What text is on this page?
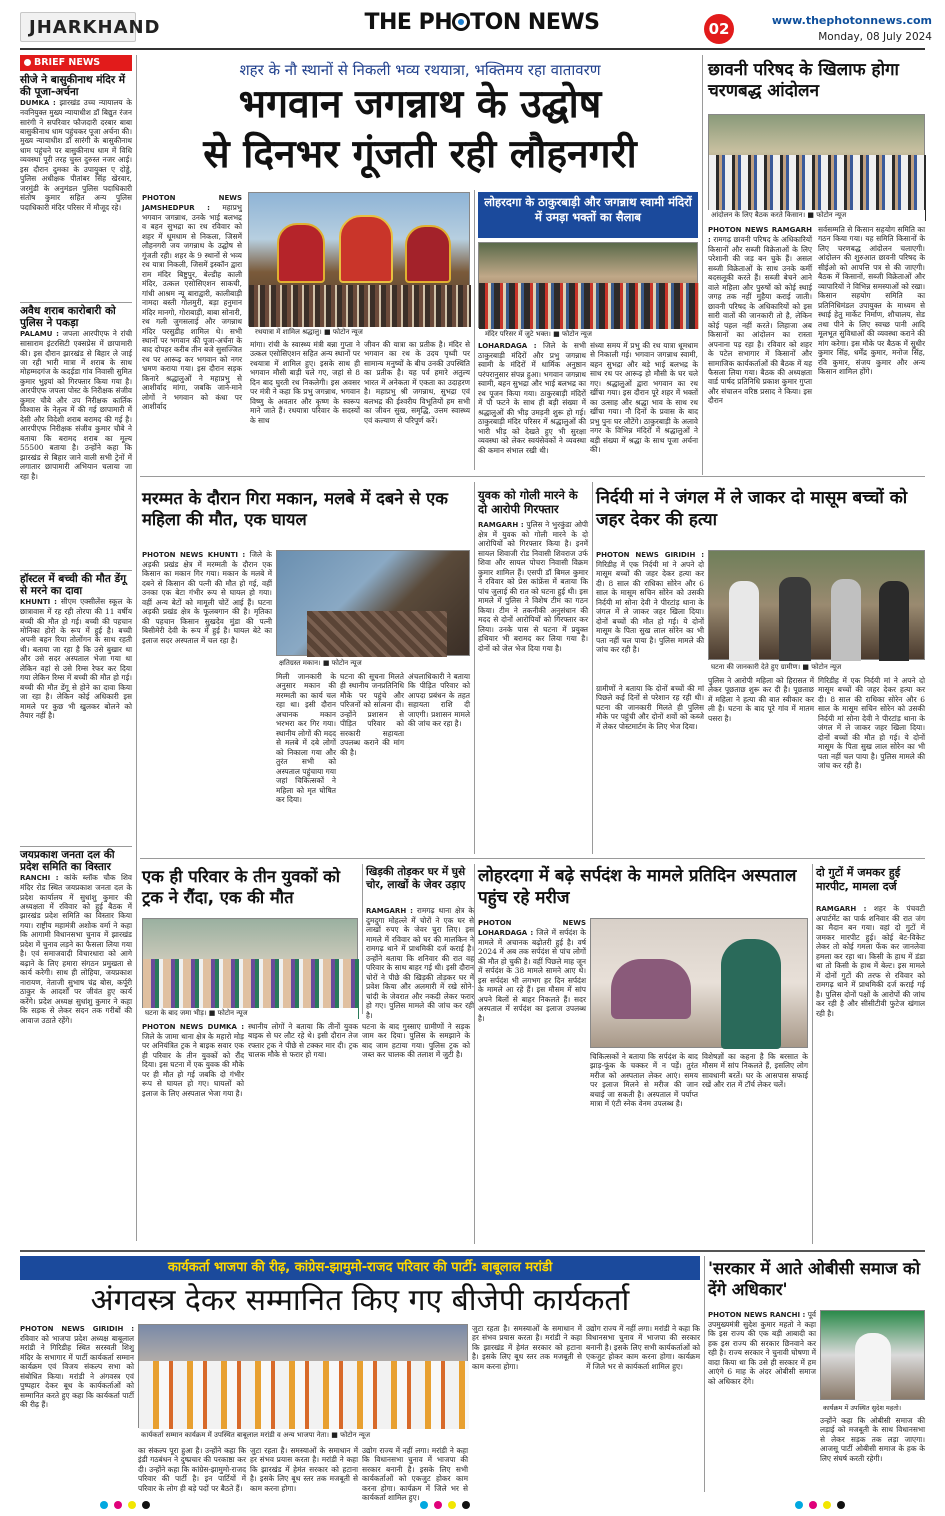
JHARKHAND	THE PH TON NEWS	02	www.thephotonnews.com
Monday, 08 July 2024
BRIEF NEWS
सीजे ने बासुकीनाथ मंदिर में की पूजा-अर्चना
DUMKA : झारखंड उच्च न्यायालय के नवनियुक्त मुख्य न्यायाधीश डॉ बिद्युत रंजन सारंगी ने सपरिवार फौजदारी दरबार बाबा बासुकीनाथ धाम पहुंचकर पूजा अर्चना की। मुख्य न्यायाधीश डॉ सारंगी के बासुकीनाथ धाम पहुंचने पर बासुकीनाथ धाम में विधि व्यवस्था पूरी तरह चुस्त दुरुस्त नजर आई। इस दौरान दुमका के उपायुक्त ए दोड्डे, पुलिस अधीक्षक पीतांबर सिंह खेरवार, जरमुंडी के अनुमंडल पुलिस पदाधिकारी संतोष कुमार सहित अन्य पुलिस पदाधिकारी मंदिर परिसर में मौजूद रहे।
अवैध शराब कारोबारी को पुलिस ने पकड़ा
PALAMU : जपला आरपीएफ ने रांची सासाराम इंटरसिटी एक्सप्रेस में छापामारी की। इस दौरान झारखंड से बिहार ले जाई जा रही भारी मात्रा में शराब के साथ मोहम्मदगंज के कदईडा गांव निवासी सुमित कुमार भुइयां को गिरफ्तार किया गया है। आरपीएफ जपला पोस्ट के निरीक्षक संजीव कुमार चौबे और उप निरीक्षक कार्तिक विश्वास के नेतृत्व में की गई छापामारी में देसी और विदेशी शराब बरामद की गई है। आरपीएफ निरीक्षक संजीव कुमार चौबे ने बताया कि बरामद शराब का मूल्य 55500 बताया है। उन्होंने कहा कि झारखंड से बिहार जाने वाली सभी ट्रेनों में लगातार छापामारी अभियान चलाया जा रहा है।
हॉस्टल में बच्ची की मौत डेंगू से मरने का दावा
KHUNTI : सीएम एक्सीलेंस स्कूल के छात्रावास में रह रही तोरपा की 11 वर्षीय बच्ची की मौत हो गई। बच्ची की पहचान मोनिका होरो के रूप में हुई है। बच्ची अपनी बहन रिया तोलोंगन के साथ रहती थी। बताया जा रहा है कि उसे बुखार था और उसे सदर अस्पताल भेजा गया था लेकिन वहां से उसे रिम्स रेफर कर दिया गया लेकिन रिम्स में बच्ची की मौत हो गई। बच्ची की मौत डेंगू से होने का दावा किया जा रहा है। लेकिन कोई अधिकारी इस मामले पर कुछ भी खुलकर बोलने को तैयार नहीं है।
जयप्रकाश जनता दल की प्रदेश समिति का विस्तार
RANCHI : कांके ब्लॉक चौक शिव मंदिर रोड स्थित जयप्रकाश जनता दल के प्रदेश कार्यालय में सुधांशु कुमार की अध्यक्षता में रविवार को हुई बैठक में झारखंड प्रदेश समिति का विस्तार किया गया। राष्ट्रीय महामंत्री अशोक वर्मा ने कहा कि आगामी विधानसभा चुनाव में झारखंड प्रदेश में चुनाव लड़ने का फैसला लिया गया है। एवं समाजवादी विचारधारा को आगे बढ़ाने के लिए हमारा संगठन प्रमुखता से कार्य करेगी। साथ ही लोहिया, जयप्रकाश नारायण, नेताजी सुभाष चंद्र बोस, कर्पूरी ठाकुर के आदर्शों पर जीवंत हुए कार्य करेंगे। प्रदेश अध्यक्ष सुधांशु कुमार ने कहा कि सड़क से लेकर सदन तक गरीबों की आवाज उठाते रहेंगे।
शहर के नौ स्थानों से निकली भव्य रथयात्रा, भक्तिमय रहा वातावरण
भगवान जगन्नाथ के उद्घोष
से दिनभर गूंजती रही लौहनगरी
रथयात्रा में शामिल श्रद्धालु। ■ फोटोन न्यूज
PHOTON NEWS JAMSHEDPUR : महाप्रभु भगवान जगन्नाथ, उनके भाई बलभद्र व बहन सुभद्रा का रथ रविवार को शहर में धूमधाम से निकला, जिसमें लौहनगरी जय जगन्नाथ के उद्घोष से गूंजती रही। शहर के 9 स्थानों से भव्य रथ यात्रा निकली, जिसमें इस्कॉन द्वारा राम मंदिर बिष्टुपुर, बेल्डीह काली मंदिर, उत्कल एसोसिएशन साकची, गांधी आश्रम न्यू बाराद्वारी, कालीबाड़ी नामदा बस्ती गोलमुरी, बड़ा हनुमान मंदिर मानगो, गोराबाड़ी, बाबा सोनारी, रथ गली जुगसलाई और जगन्नाथ मंदिर परसुडीह शामिल थे। सभी स्थानों पर भगवान की पूजा-अर्चना के बाद दोपहर करीब तीन बजे सुसज्जित रथ पर आरूढ़ कर भगवान को नगर भ्रमण कराया गया। इस दौरान सड़क किनारे श्रद्धालुओं ने महाप्रभु से आशीर्वाद मांगा, जबकि जाने-माने लोगों ने भगवान को कंधा पर आशीर्वाद
मांगा। रांची के स्वास्थ्य मंत्री बन्ना गुप्ता ने उत्कल एसोसिएशन सहित अन्य स्थानों पर रथयात्रा में शामिल हुए। इसके साथ ही भगवान मौसी बाड़ी चले गए, जहां से 8 दिन बाद घुरती रथ निकलेगी। इस अवसर पर मंत्री ने कहा कि प्रभु जगन्नाथ, भगवान विष्णु के अवतार और कृष्ण के स्वरूप माने जाते हैं। रथयात्रा परिवार के सदस्यों के साथ
जीवन की यात्रा का प्रतीक है। मंदिर से भगवान का रथ के उदय पृथ्वी पर सामान्य मनुष्यों के बीच उनकी उपस्थिति का प्रतीक है। यह पर्व हमारे अतुल्य भारत में अनेकता में एकता का उदाहरण है। महाप्रभु श्री जगन्नाथ, सुभद्रा एवं बलभद्र की ईश्वरीय विभूतियों हम सभी का जीवन सुख, समृद्धि, उत्तम स्वास्थ्य एवं कल्याण से परिपूर्ण करें।
लोहरदगा के ठाकुरबाड़ी और जगन्नाथ स्वामी मंदिरों में उमड़ा भक्तों का सैलाब
मंदिर परिसर में जुटे भक्त। ■ फोटोन न्यूज
LOHARDAGA : जिले के सभी ठाकुरबाड़ी मंदिरों और प्रभु जगन्नाथ स्वामी के मंदिरों में धार्मिक अनुष्ठान परंपरानुसार संपन्न हुआ। भगवान जगन्नाथ स्वामी, बहन सुभद्रा और भाई बलभद्र का रथ पूजन किया गया। ठाकुरबाड़ी मंदिरों में पौ फटने के साथ ही बड़ी संख्या में श्रद्धालुओं की भीड़ उमड़नी शुरू हो गई। ठाकुरबाड़ी मंदिर परिसर में श्रद्धालुओं की भारी भीड़ को देखते हुए भी सुरक्षा व्यवस्था को लेकर स्वयंसेवकों ने व्यवस्था की कमान संभाल रखी थी।
संध्या समय में प्रभु की रथ यात्रा धूमधाम से निकाली गई। भगवान जगन्नाथ स्वामी, बहन सुभद्रा और बड़े भाई बलभद्र के साथ रथ पर आरूढ़ हो मौसी के घर चले गए। श्रद्धालुओं द्वारा भगवान का रथ खींचा गया। इस दौरान पूरे शहर में भक्तों का उत्साह और श्रद्धा भाव के साथ रथ खींचा गया। नौ दिनों के प्रवास के बाद प्रभु पुनः घर लौटेंगे। ठाकुरबाड़ी के अलावे नगर के विभिन्न मंदिरों में श्रद्धालुओं ने बड़ी संख्या में श्रद्धा के साथ पूजा अर्चना की।
छावनी परिषद के खिलाफ होगा चरणबद्ध आंदोलन
आंदोलन के लिए बैठक करते किसान। ■ फोटोन न्यूज
PHOTON NEWS RAMGARH : रामगढ़ छावनी परिषद के अधिकारियों किसानों और सब्जी विक्रेताओं के लिए परेशानी की जड़ बन चुके हैं। असल सब्जी विक्रेताओं के साथ उनके कर्मी बदसलूकी करते हैं। सब्जी बेचने आने वाले महिला और पुरुषों को कोई स्थाई जगह तक नहीं मुहैया कराई जाती। छावनी परिषद के अधिकारियों को इस सारी वातों की जानकारी तो है, लेकिन कोई पहल नहीं करते। लिहाजा अब किसानों का आंदोलन का रास्ता अपनाना पड़ रहा है। रविवार को शहर के पटेल सभागार में किसानों और सामाजिक कार्यकर्ताओं की बैठक में यह फैसला लिया गया। बैठक की अध्यक्षता वार्ड पार्षद प्रतिनिधि प्रकाश कुमार गुप्ता और संचालन वरिष्ठ प्रसाद ने किया। इस दौरान
सर्वसम्मति से किसान सहयोग समिति का गठन किया गया। यह समिति किसानों के लिए चरणबद्ध आंदोलन चलाएगी। आंदोलन की शुरुआत छावनी परिषद के सीईओ को आपत्ति पत्र से की जाएगी। बैठक में किसानों, सब्जी विक्रेताओं और व्यापारियों ने विभिन्न समस्याओं को रखा। किसान सहयोग समिति का प्रतिनिधिमंडल उपायुक्त के माध्यम से स्थाई हेतु मार्केट निर्माण, शौचालय, सेड तथा पीने के लिए स्वच्छ पानी आदि मूलभूत सुविधाओं की व्यवस्था कराने की मांग करेगा। इस मौके पर बैठक में सुधीर कुमार सिंह, धर्मेंद्र कुमार, मनोज सिंह, रवि कुमार, संजय कुमार और अन्य किसान शामिल होंगे।
मरम्मत के दौरान गिरा मकान, मलबे में दबने से एक महिला की मौत, एक घायल
PHOTON NEWS KHUNTI : जिले के अड़की प्रखंड क्षेत्र में मरम्मती के दौरान एक किसान का मकान गिर गया। मकान के मलबे में दबने से किसान की पत्नी की मौत हो गई, वहीं उनका एक बेटा गंभीर रूप से घायल हो गया। वहीं अन्य बेटों को मामूली चोटें आई हैं। घटना अड़की प्रखंड क्षेत्र के फूलबगान की है। मृतिका की पहचान किसान सुखदेव मुंडा की पत्नी बिसीमेरी देवी के रूप में हुई है। घायल बेटे का इलाज सदर अस्पताल में चल रहा है।
क्षतिग्रस्त मकान। ■ फोटोन न्यूज
मिली जानकारी के अनुसार मकान की मरम्मती का कार्य चल रहा था। इसी दौरान अचानक मकान भरभरा कर गिर गया। स्थानीय लोगों की मदद से मलबे में दबे लोगों को निकाला गया और तुरंत सभी को अस्पताल पहुंचाया गया जहां चिकित्सकों ने महिला को मृत घोषित कर दिया।
घटना की सूचना मिलते ही स्थानीय जनप्रतिनिधि मौके पर पहुंचे और परिजनों को सांत्वना दी। उन्होंने प्रशासन से पीड़ित परिवार को सरकारी सहायता उपलब्ध कराने की मांग की है।
अंचलाधिकारी ने बताया कि पीड़ित परिवार को आपदा प्रबंधन के तहत सहायता राशि दी जाएगी। प्रशासन मामले की जांच कर रहा है।
युवक को गोली मारने के दो आरोपी गिरफ्तार
RAMGARH : पुलिस ने भुरकुंडा ओपी क्षेत्र में युवक को गोली मारने के दो आरोपियों को गिरफ्तार किया है। इनमें सायल शिवाजी रोड निवासी शिवराज उर्फ शिवा और सायल पोचरा निवासी विक्रम कुमार शामिल हैं। एसपी डॉ बिमल कुमार ने रविवार को प्रेस कांफ्रेंस में बताया कि पांच जुलाई की रात को घटना हुई थी। इस मामले में पुलिस ने विशेष टीम का गठन किया। टीम ने तकनीकी अनुसंधान की मदद से दोनों आरोपियों को गिरफ्तार कर लिया। उनके पास से घटना में प्रयुक्त हथियार भी बरामद कर लिया गया है। दोनों को जेल भेज दिया गया है।
निर्दयी मां ने जंगल में ले जाकर दो मासूम बच्चों को जहर देकर की हत्या
PHOTON NEWS GIRIDIH : गिरिडीह में एक निर्दयी मां ने अपने दो मासूम बच्चों की जहर देकर हत्या कर दी। 8 साल की राधिका सोरेन और 6 साल के मासूम सचिन सोरेन को उसकी निर्दयी मां सोना देवी ने पीरटांड़ थाना के जंगल में ले जाकर जहर खिला दिया। दोनों बच्चों की मौत हो गई। ये दोनों मासूम के पिता सुख लाल सोरेन का भी पता नहीं चल पाया है। पुलिस मामले की जांच कर रही है।
घटना की जानकारी देते हुए ग्रामीण। ■ फोटोन न्यूज
ग्रामीणों ने बताया कि दोनों बच्चों की मां पिछले कई दिनों से परेशान रह रही थी। घटना की जानकारी मिलते ही पुलिस मौके पर पहुंची और दोनों शवों को कब्जे में लेकर पोस्टमार्टम के लिए भेज दिया।
पुलिस ने आरोपी महिला को हिरासत में लेकर पूछताछ शुरू कर दी है। पूछताछ में महिला ने हत्या की बात स्वीकार कर ली है। घटना के बाद पूरे गांव में मातम पसरा है।
गिरिडीह में एक निर्दयी मां ने अपने दो मासूम बच्चों की जहर देकर हत्या कर दी। 8 साल की राधिका सोरेन और 6 साल के मासूम सचिन सोरेन को उसकी निर्दयी मां सोना देवी ने पीरटांड़ थाना के जंगल में ले जाकर जहर खिला दिया। दोनों बच्चों की मौत हो गई। ये दोनों मासूम के पिता सुख लाल सोरेन का भी पता नहीं चल पाया है। पुलिस मामले की जांच कर रही है।
एक ही परिवार के तीन युवकों को ट्रक ने रौंदा, एक की मौत
घटना के बाद जमा भीड़। ■ फोटोन न्यूज
PHOTON NEWS DUMKA : जिले के जामा थाना क्षेत्र के महारो मोड़ पर अनियंत्रित ट्रक ने बाइक सवार एक ही परिवार के तीन युवकों को रौंद दिया। इस घटना में एक युवक की मौके पर ही मौत हो गई जबकि दो गंभीर रूप से घायल हो गए। घायलों को इलाज के लिए अस्पताल भेजा गया है।
स्थानीय लोगों ने बताया कि तीनों युवक बाइक से घर लौट रहे थे। इसी दौरान तेज रफ्तार ट्रक ने पीछे से टक्कर मार दी। ट्रक चालक मौके से फरार हो गया।
घटना के बाद गुस्साए ग्रामीणों ने सड़क जाम कर दिया। पुलिस के समझाने के बाद जाम हटाया गया। पुलिस ट्रक को जब्त कर चालक की तलाश में जुटी है।
खिड़की तोड़कर घर में घुसे चोर, लाखों के जेवर उड़ाए
RAMGARH : रामगढ़ थाना क्षेत्र के दुमदुगा मोहल्ले में चोरों ने एक घर से लाखों रुपए के जेवर चुरा लिए। इस मामले में रविवार को घर की मालकिन ने रामगढ़ थाने में प्राथमिकी दर्ज कराई है। उन्होंने बताया कि शनिवार की रात वह परिवार के साथ बाहर गई थी। इसी दौरान चोरों ने पीछे की खिड़की तोड़कर घर में प्रवेश किया और अलमारी में रखे सोने-चांदी के जेवरात और नकदी लेकर फरार हो गए। पुलिस मामले की जांच कर रही है।
लोहरदगा में बढ़े सर्पदंश के मामले प्रतिदिन अस्पताल पहुंच रहे मरीज
PHOTON NEWS LOHARDAGA : जिले में सर्पदंश के मामले में अचानक बढ़ोतरी हुई है। वर्ष 2024 में अब तक सर्पदंश से पांच लोगों की मौत हो चुकी है। वहीं पिछले माह जून में सर्पदंश के 38 मामले सामने आए थे। इस सर्पदंश भी लगभग हर दिन सर्पदंश के मामले आ रहे हैं। इस मौसम में सांप अपने बिलों से बाहर निकलते हैं। सदर अस्पताल में सर्पदंश का इलाज उपलब्ध है।
चिकित्सकों ने बताया कि सर्पदंश के बाद झाड़-फूंक के चक्कर में न पड़ें। तुरंत मरीज को अस्पताल लेकर आएं। समय पर इलाज मिलने से मरीज की जान बचाई जा सकती है। अस्पताल में पर्याप्त मात्रा में एंटी स्नेक वेनम उपलब्ध है।
विशेषज्ञों का कहना है कि बरसात के मौसम में सांप निकलते हैं, इसलिए लोग सावधानी बरतें। घर के आसपास सफाई रखें और रात में टॉर्च लेकर चलें।
दो गुटों में जमकर हुई मारपीट, मामला दर्ज
RAMGARH : शहर के पंचवटी अपार्टमेंट का पार्क शनिवार की रात जंग का मैदान बन गया। वहां दो गुटों में जमकर मारपीट हुई। कोई बेट-विकेट लेकर तो कोई गमला फेंक कर जानलेवा हमला कर रहा था। किसी के हाथ में डंडा था तो किसी के हाथ में बेल्ट। इस मामले में दोनों गुटों की तरफ से रविवार को रामगढ़ थाने में प्राथमिकी दर्ज कराई गई है। पुलिस दोनों पक्षों के आरोपों की जांच कर रही है और सीसीटीवी फुटेज खंगाल रही है।
कार्यकर्ता भाजपा की रीढ़, कांग्रेस-झामुमो-राजद परिवार की पार्टी: बाबूलाल मरांडी
अंगवस्त्र देकर सम्मानित किए गए बीजेपी कार्यकर्ता
PHOTON NEWS GIRIDIH : रविवार को भाजपा प्रदेश अध्यक्ष बाबूलाल मरांडी ने गिरिडीह स्थित सरस्वती शिशु मंदिर के सभागार में पार्टी कार्यकर्ता सम्मान कार्यक्रम एवं विजय संकल्प सभा को संबोधित किया। मरांडी ने अंगवस्त्र एवं पुष्पहार देकर बूथ के कार्यकर्ताओं को सम्मानित करते हुए कहा कि कार्यकर्ता पार्टी की रीढ़ हैं।
कार्यकर्ता सम्मान कार्यक्रम में उपस्थित बाबूलाल मरांडी व अन्य भाजपा नेता। ■ फोटोन न्यूज
का संकल्प पूरा हुआ है। उन्होंने कहा कि इंडी गठबंधन ने दुष्प्रचार की परकाष्ठा कर दी। उन्होंने कहा कि कांग्रेस-झामुमो-राजद परिवार की पार्टी है। इन पार्टियों में परिवार के लोग ही बड़े पदों पर बैठते हैं।
जुटा रहता है। समस्याओं के समाधान में हर संभव प्रयास करता है। मरांडी ने कहा कि झारखंड में हेमंत सरकार को हटाना है। इसके लिए बूथ स्तर तक मजबूती से काम करना होगा।
उद्योग राज्य में नहीं लगा। मरांडी ने कहा कि विधानसभा चुनाव में भाजपा की सरकार बनानी है। इसके लिए सभी कार्यकर्ताओं को एकजुट होकर काम करना होगा। कार्यक्रम में जिले भर से कार्यकर्ता शामिल हुए।
जुटा रहता है। समस्याओं के समाधान में हर संभव प्रयास करता है। मरांडी ने कहा कि झारखंड में हेमंत सरकार को हटाना है। इसके लिए बूथ स्तर तक मजबूती से काम करना होगा।
उद्योग राज्य में नहीं लगा। मरांडी ने कहा कि विधानसभा चुनाव में भाजपा की सरकार बनानी है। इसके लिए सभी कार्यकर्ताओं को एकजुट होकर काम करना होगा। कार्यक्रम में जिले भर से कार्यकर्ता शामिल हुए।
'सरकार में आते ओबीसी समाज को देंगे अधिकार'
PHOTON NEWS RANCHI : पूर्व उपमुख्यमंत्री सुदेश कुमार महतो ने कहा कि इस राज्य की एक बड़ी आबादी का हक इस राज्य की सरकार छिनवाने कर रही है। राज्य सरकार ने चुनावी घोषणा में वादा किया था कि उसे ही सरकार में हम आएंगे 6 माह के अंदर ओबीसी समाज को अधिकार देंगे।
कार्यक्रम में उपस्थित सुदेश महतो।
उन्होंने कहा कि ओबीसी समाज की लड़ाई को मजबूती के साथ विधानसभा से लेकर सड़क तक लड़ा जाएगा। आजसू पार्टी ओबीसी समाज के हक के लिए संघर्ष करती रहेगी।
